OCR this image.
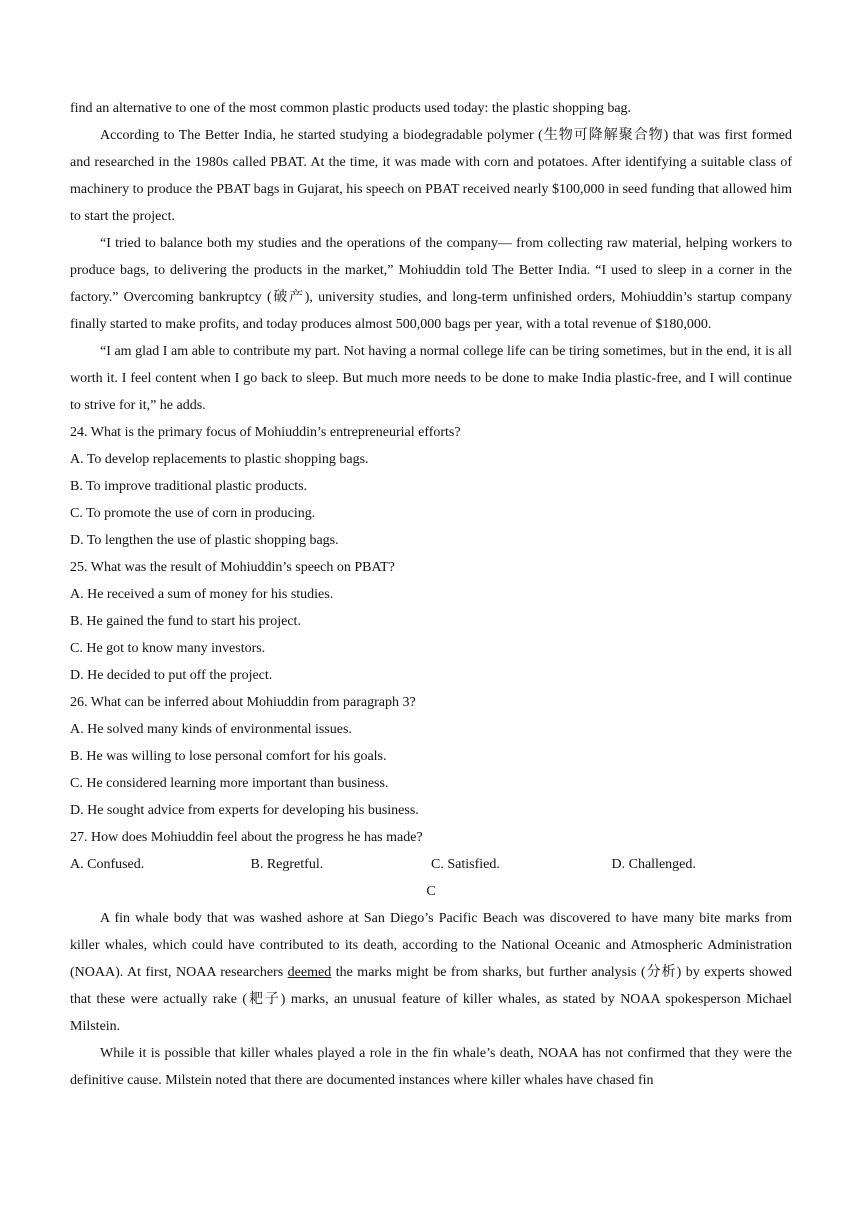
find an alternative to one of the most common plastic products used today: the plastic shopping bag.

According to The Better India, he started studying a biodegradable polymer (生物可降解聚合物) that was first formed and researched in the 1980s called PBAT. At the time, it was made with corn and potatoes. After identifying a suitable class of machinery to produce the PBAT bags in Gujarat, his speech on PBAT received nearly $100,000 in seed funding that allowed him to start the project.

“I tried to balance both my studies and the operations of the company— from collecting raw material, helping workers to produce bags, to delivering the products in the market,” Mohiuddin told The Better India. “I used to sleep in a corner in the factory.” Overcoming bankruptcy (破产), university studies, and long-term unfinished orders, Mohiuddin’s startup company finally started to make profits, and today produces almost 500,000 bags per year, with a total revenue of $180,000.

“I am glad I am able to contribute my part. Not having a normal college life can be tiring sometimes, but in the end, it is all worth it. I feel content when I go back to sleep. But much more needs to be done to make India plastic-free, and I will continue to strive for it,” he adds.

24. What is the primary focus of Mohiuddin’s entrepreneurial efforts?

A. To develop replacements to plastic shopping bags.

B. To improve traditional plastic products.

C. To promote the use of corn in producing.

D. To lengthen the use of plastic shopping bags.

25. What was the result of Mohiuddin’s speech on PBAT?

A. He received a sum of money for his studies.

B. He gained the fund to start his project.

C. He got to know many investors.

D. He decided to put off the project.

26. What can be inferred about Mohiuddin from paragraph 3?

A. He solved many kinds of environmental issues.

B. He was willing to lose personal comfort for his goals.

C. He considered learning more important than business.

D. He sought advice from experts for developing his business.

27. How does Mohiuddin feel about the progress he has made?

A. Confused.	B. Regretful.	C. Satisfied.	D. Challenged.

C

A fin whale body that was washed ashore at San Diego’s Pacific Beach was discovered to have many bite marks from killer whales, which could have contributed to its death, according to the National Oceanic and Atmospheric Administration (NOAA). At first, NOAA researchers deemed the marks might be from sharks, but further analysis (分析) by experts showed that these were actually rake (耙子) marks, an unusual feature of killer whales, as stated by NOAA spokesperson Michael Milstein.

While it is possible that killer whales played a role in the fin whale’s death, NOAA has not confirmed that they were the definitive cause. Milstein noted that there are documented instances where killer whales have chased fin
